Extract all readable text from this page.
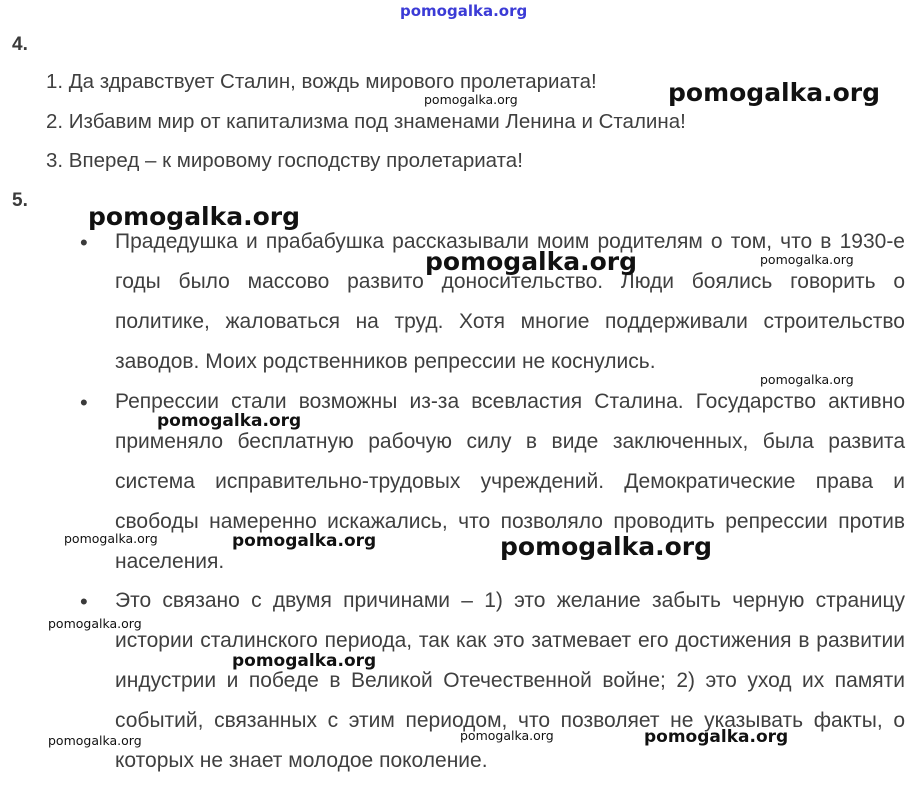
pomogalka.org
4.
1. Да здравствует Сталин, вождь мирового пролетариата!
2. Избавим мир от капитализма под знаменами Ленина и Сталина!
3. Вперед – к мировому господству пролетариата!
5.
• Прадедушка и прабабушка рассказывали моим родителям о том, что в 1930-е годы было массово развито доносительство. Люди боялись говорить о политике, жаловаться на труд. Хотя многие поддерживали строительство заводов. Моих родственников репрессии не коснулись.
• Репрессии стали возможны из-за всевластия Сталина. Государство активно применяло бесплатную рабочую силу в виде заключенных, была развита система исправительно-трудовых учреждений. Демократические права и свободы намеренно искажались, что позволяло проводить репрессии против населения.
• Это связано с двумя причинами – 1) это желание забыть черную страницу истории сталинского периода, так как это затмевает его достижения в развитии индустрии и победе в Великой Отечественной войне; 2) это уход их памяти событий, связанных с этим периодом, что позволяет не указывать факты, о которых не знает молодое поколение.
pomogalka.org
pomogalka.org
pomogalka.org
pomogalka.org	pomogalka.org
pomogalka.org
pomogalka.org
pomogalka.org	pomogalka.org	pomogalka.org
pomogalka.org
pomogalka.org
pomogalka.org	pomogalka.org
pomogalka.org
